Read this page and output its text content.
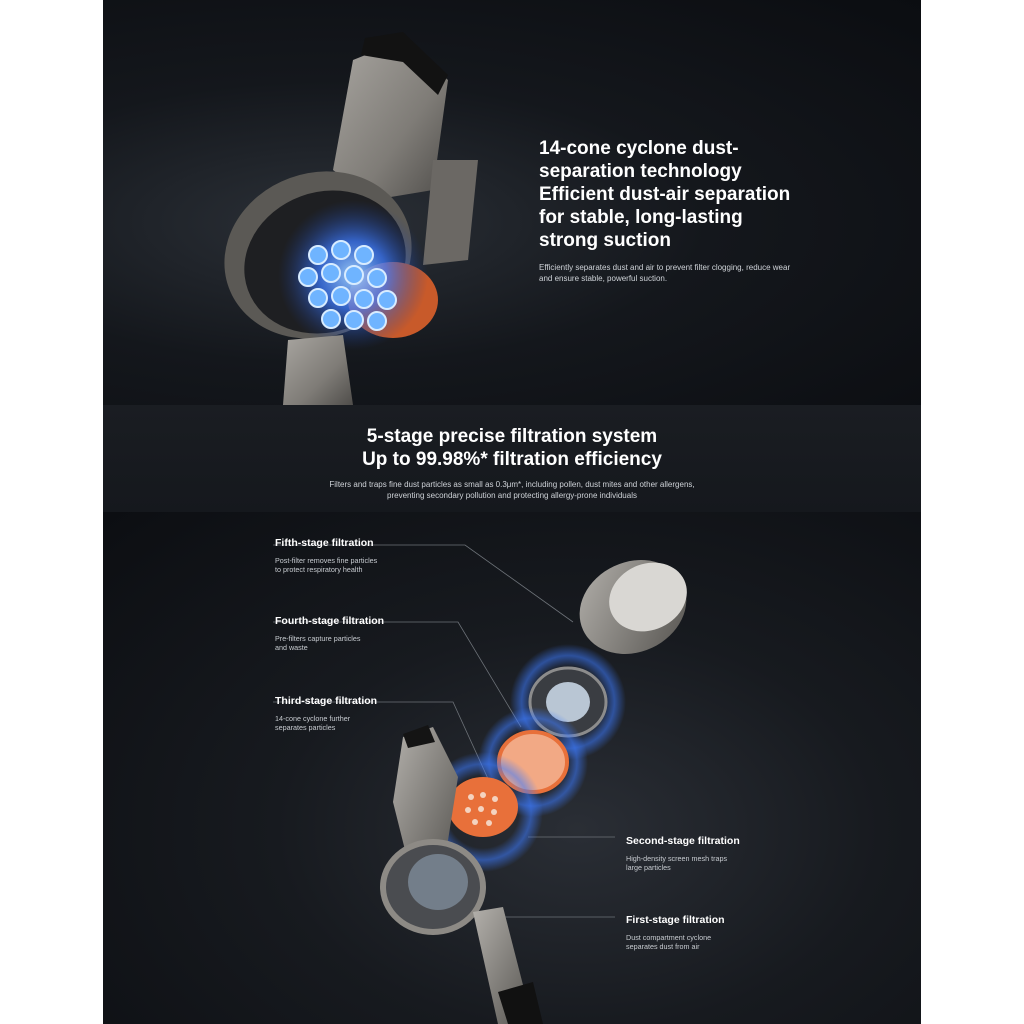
14-cone cyclone dust-
separation technology
Efficient dust-air separation
for stable, long-lasting
strong suction

Efficiently separates dust and air to prevent filter clogging, reduce wear
and ensure stable, powerful suction.

5-stage precise filtration system
Up to 99.98%* filtration efficiency

Filters and traps fine dust particles as small as 0.3μm*, including pollen, dust mites and other allergens,
preventing secondary pollution and protecting allergy-prone individuals

Fifth-stage filtration

Post-filter removes fine particles
to protect respiratory health

Fourth-stage filtration

Pre-filters capture particles
and waste

Third-stage filtration

14-cone cyclone further
separates particles

Second-stage filtration

High-density screen mesh traps
large particles

First-stage filtration

Dust compartment cyclone
separates dust from air
